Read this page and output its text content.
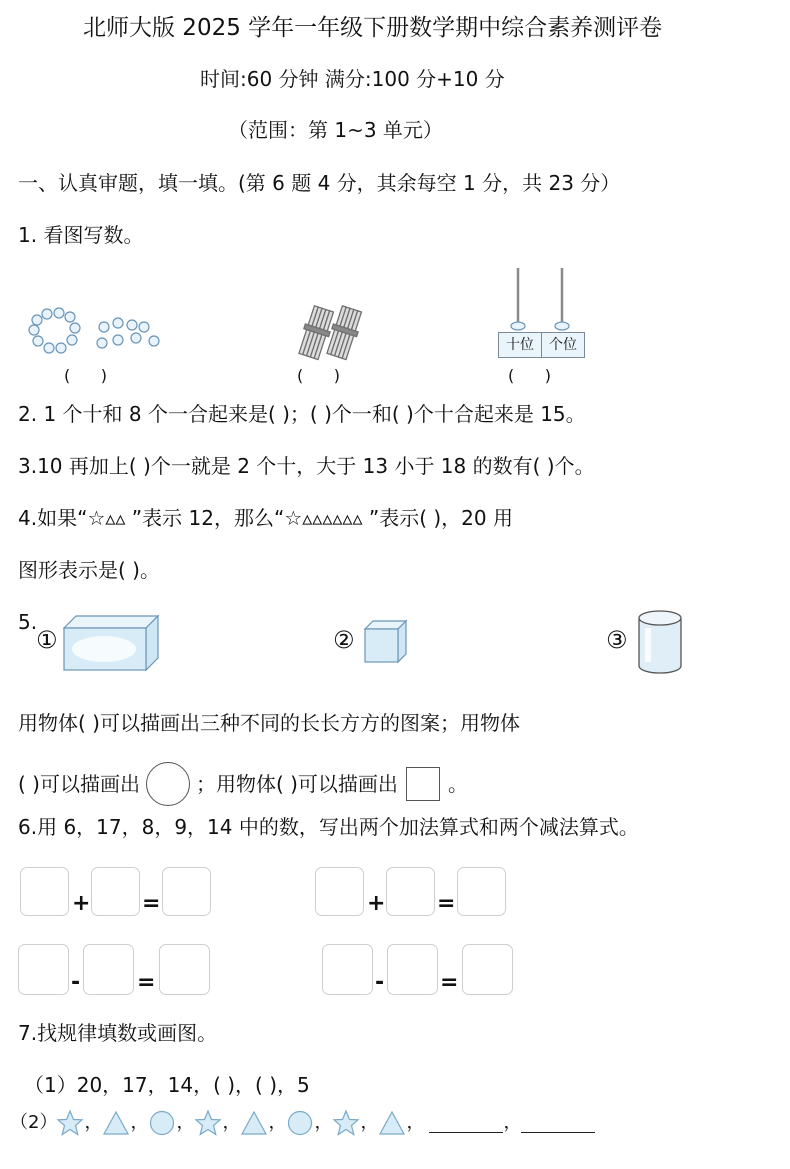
北师大版 2025 学年一年级下册数学期中综合素养测评卷
时间:60 分钟 满分:100 分+10 分
（范围：第 1~3 单元）
一、认真审题，填一填。(第 6 题 4 分，其余每空 1 分，共 23 分）
1. 看图写数。
十位	个位
(      )	(      )	(      )
2. 1 个十和 8 个一合起来是( )；( )个一和( )个十合起来是 15。
3.10 再加上( )个一就是 2 个十，大于 13 小于 18 的数有( )个。
4.如果“☆▵▵ ”表示 12，那么“☆▵▵▵▵▵▵ ”表示( )，20 用
图形表示是( )。
5.
①	②	③
用物体( )可以描画出三种不同的长长方方的图案；用物体
( )可以描画出	；用物体( )可以描画出	。
6.用 6，17，8，9，14 中的数，写出两个加法算式和两个减法算式。
+ =	+ =
-	=	-	=
7.找规律填数或画图。
（1）20，17，14，( )，( )，5
（2） ， ， ， ， ， ， ， ，	，
